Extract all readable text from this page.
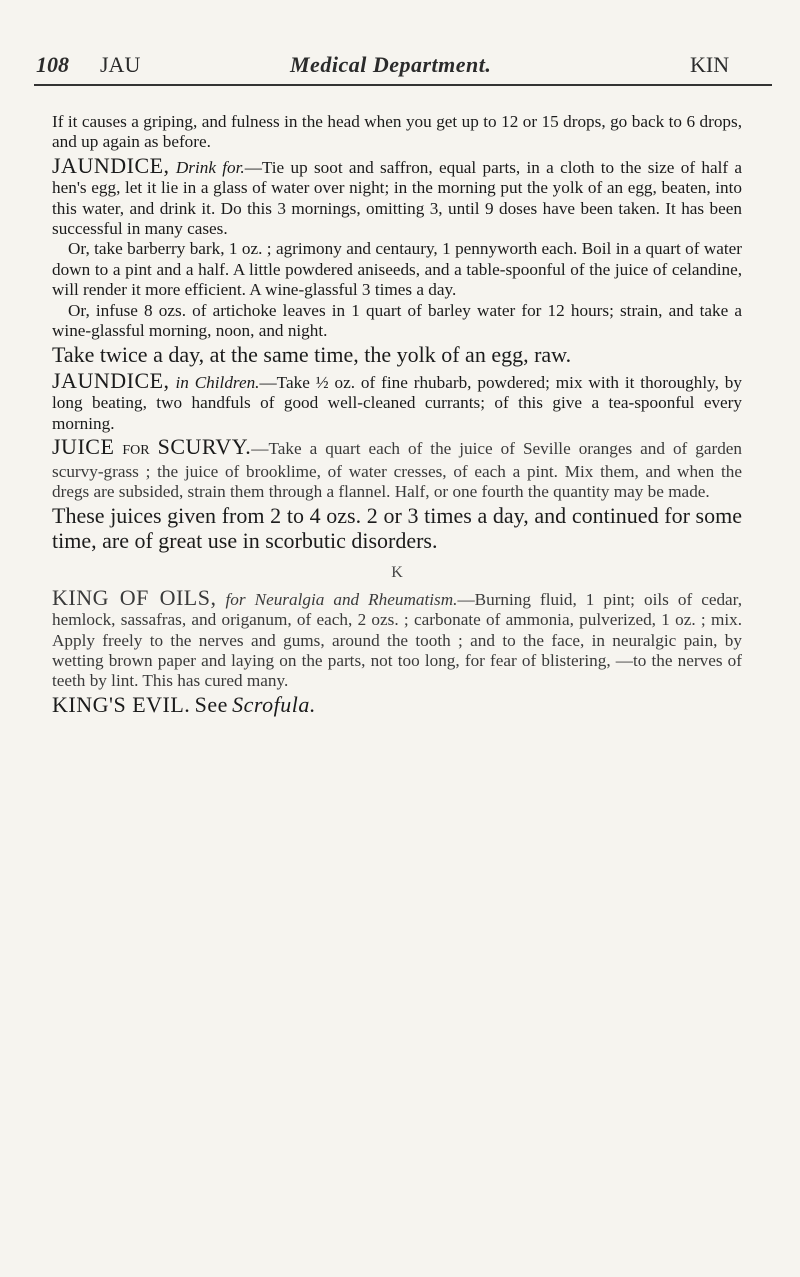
108 JAU	Medical Department.	KIN

If it causes a griping, and fulness in the head when you get up to 12 or 15 drops, go back to 6 drops, and up again as before.

JAUNDICE, Drink for.—Tie up soot and saffron, equal parts, in a cloth to the size of half a hen's egg, let it lie in a glass of water over night; in the morning put the yolk of an egg, beaten, into this water, and drink it. Do this 3 mornings, omitting 3, until 9 doses have been taken. It has been successful in many cases.

Or, take barberry bark, 1 oz. ; agrimony and centaury, 1 pennyworth each. Boil in a quart of water down to a pint and a half. A little powdered aniseeds, and a table-spoonful of the juice of celandine, will render it more efficient. A wine-glassful 3 times a day.

Or, infuse 8 ozs. of artichoke leaves in 1 quart of barley water for 12 hours; strain, and take a wine-glassful morning, noon, and night.

Take twice a day, at the same time, the yolk of an egg, raw.

JAUNDICE, in Children.—Take ½ oz. of fine rhubarb, powdered; mix with it thoroughly, by long beating, two handfuls of good well-cleaned currants; of this give a tea-spoonful every morning.

JUICE FOR SCURVY.—Take a quart each of the juice of Seville oranges and of garden scurvy-grass ; the juice of brooklime, of water cresses, of each a pint. Mix them, and when the dregs are subsided, strain them through a flannel. Half, or one fourth the quantity may be made.

These juices given from 2 to 4 ozs. 2 or 3 times a day, and continued for some time, are of great use in scorbutic disorders.

K

KING OF OILS, for Neuralgia and Rheumatism.—Burning fluid, 1 pint; oils of cedar, hemlock, sassafras, and origanum, of each, 2 ozs. ; carbonate of ammonia, pulverized, 1 oz. ; mix. Apply freely to the nerves and gums, around the tooth ; and to the face, in neuralgic pain, by wetting brown paper and laying on the parts, not too long, for fear of blistering, —to the nerves of teeth by lint. This has cured many.

KING'S EVIL. See Scrofula.
